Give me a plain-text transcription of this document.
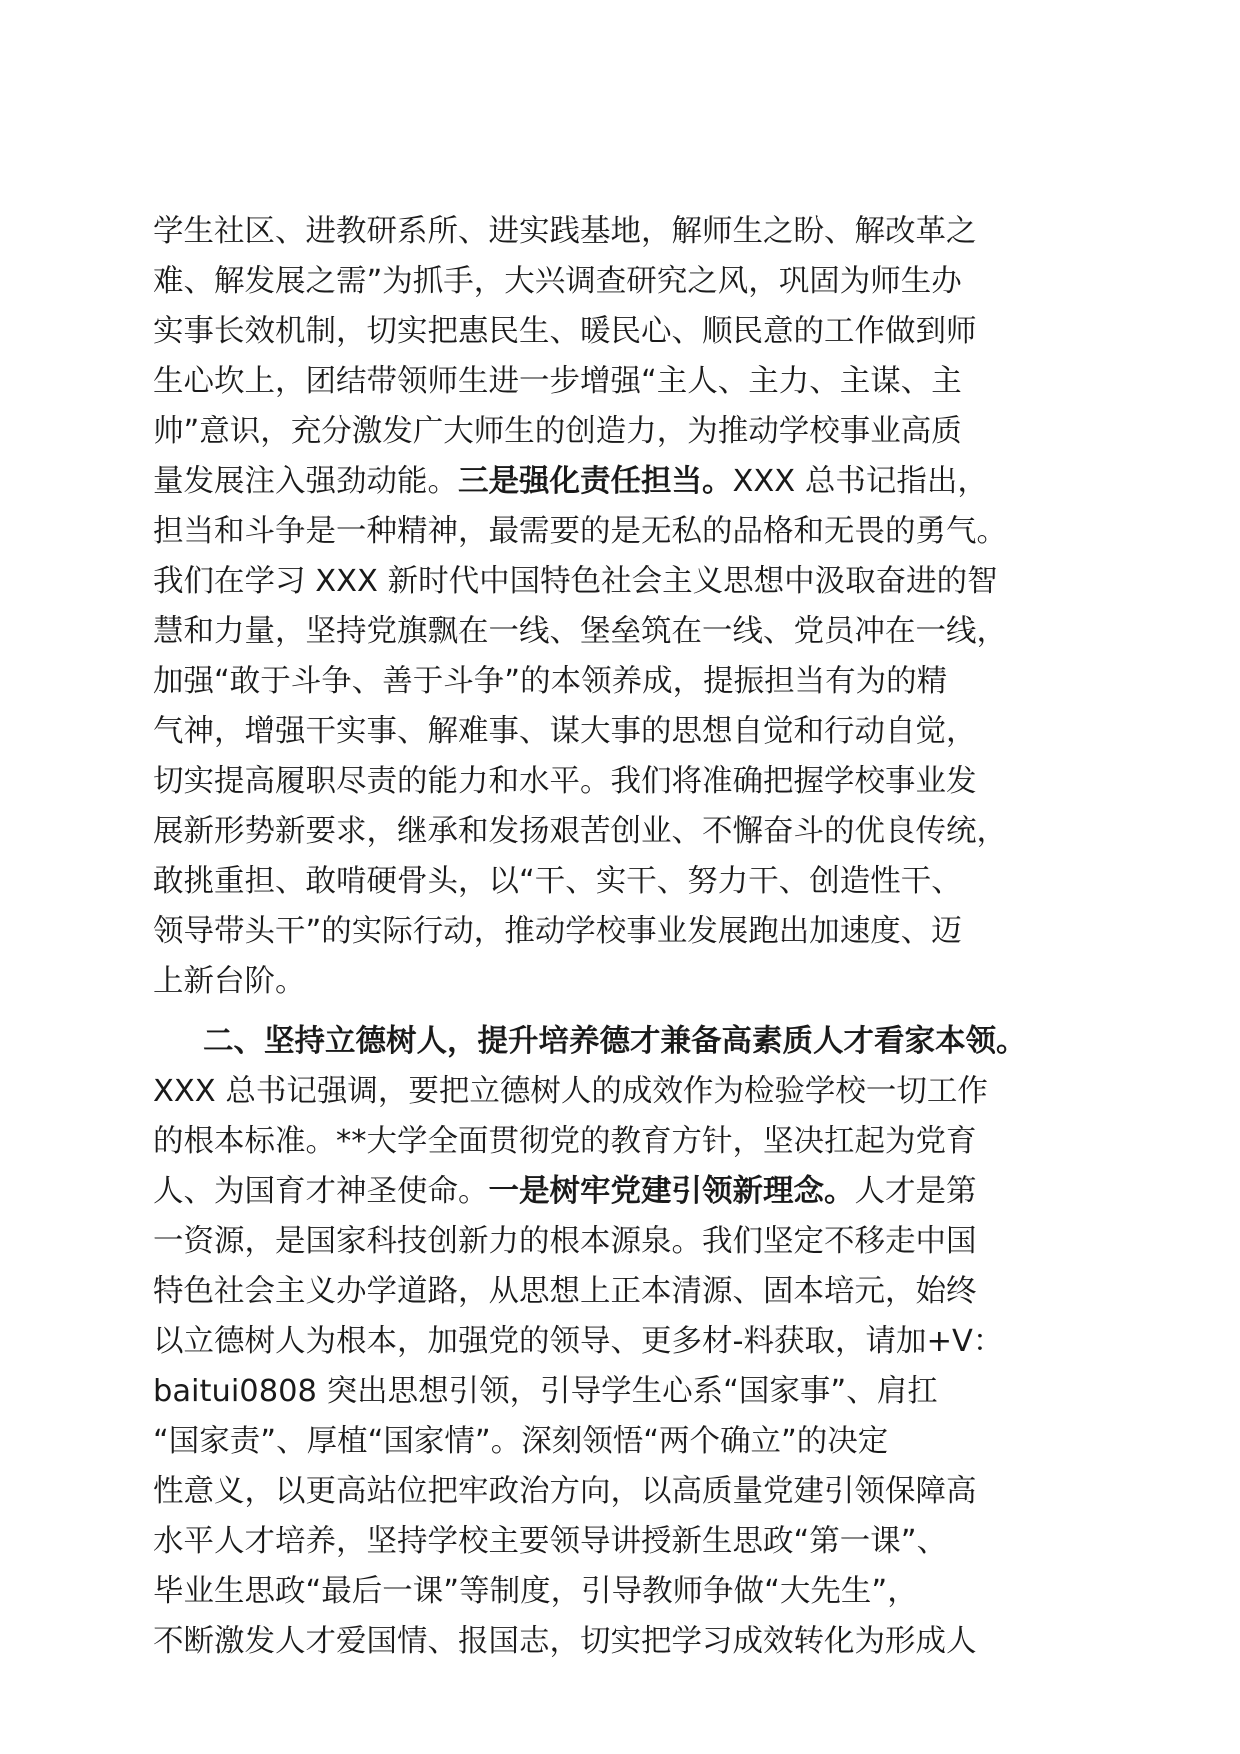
学生社区、进教研系所、进实践基地，解师生之盼、解改革之
难、解发展之需”为抓手，大兴调查研究之风，巩固为师生办
实事长效机制，切实把惠民生、暖民心、顺民意的工作做到师
生心坎上，团结带领师生进一步增强“主人、主力、主谋、主
帅”意识，充分激发广大师生的创造力，为推动学校事业高质
量发展注入强劲动能。三是强化责任担当。XXX 总书记指出，
担当和斗争是一种精神，最需要的是无私的品格和无畏的勇气。
我们在学习 XXX 新时代中国特色社会主义思想中汲取奋进的智
慧和力量，坚持党旗飘在一线、堡垒筑在一线、党员冲在一线，
加强“敢于斗争、善于斗争”的本领养成，提振担当有为的精
气神，增强干实事、解难事、谋大事的思想自觉和行动自觉，
切实提高履职尽责的能力和水平。我们将准确把握学校事业发
展新形势新要求，继承和发扬艰苦创业、不懈奋斗的优良传统，
敢挑重担、敢啃硬骨头，以“干、实干、努力干、创造性干、
领导带头干”的实际行动，推动学校事业发展跑出加速度、迈
上新台阶。
二、坚持立德树人，提升培养德才兼备高素质人才看家本领。
XXX 总书记强调，要把立德树人的成效作为检验学校一切工作
的根本标准。**大学全面贯彻党的教育方针，坚决扛起为党育
人、为国育才神圣使命。一是树牢党建引领新理念。人才是第
一资源，是国家科技创新力的根本源泉。我们坚定不移走中国
特色社会主义办学道路，从思想上正本清源、固本培元，始终
以立德树人为根本，加强党的领导、更多材-料获取，请加+V：
baitui0808 突出思想引领，引导学生心系“国家事”、肩扛
“国家责”、厚植“国家情”。深刻领悟“两个确立”的决定
性意义，以更高站位把牢政治方向，以高质量党建引领保障高
水平人才培养，坚持学校主要领导讲授新生思政“第一课”、
毕业生思政“最后一课”等制度，引导教师争做“大先生”，
不断激发人才爱国情、报国志，切实把学习成效转化为形成人
